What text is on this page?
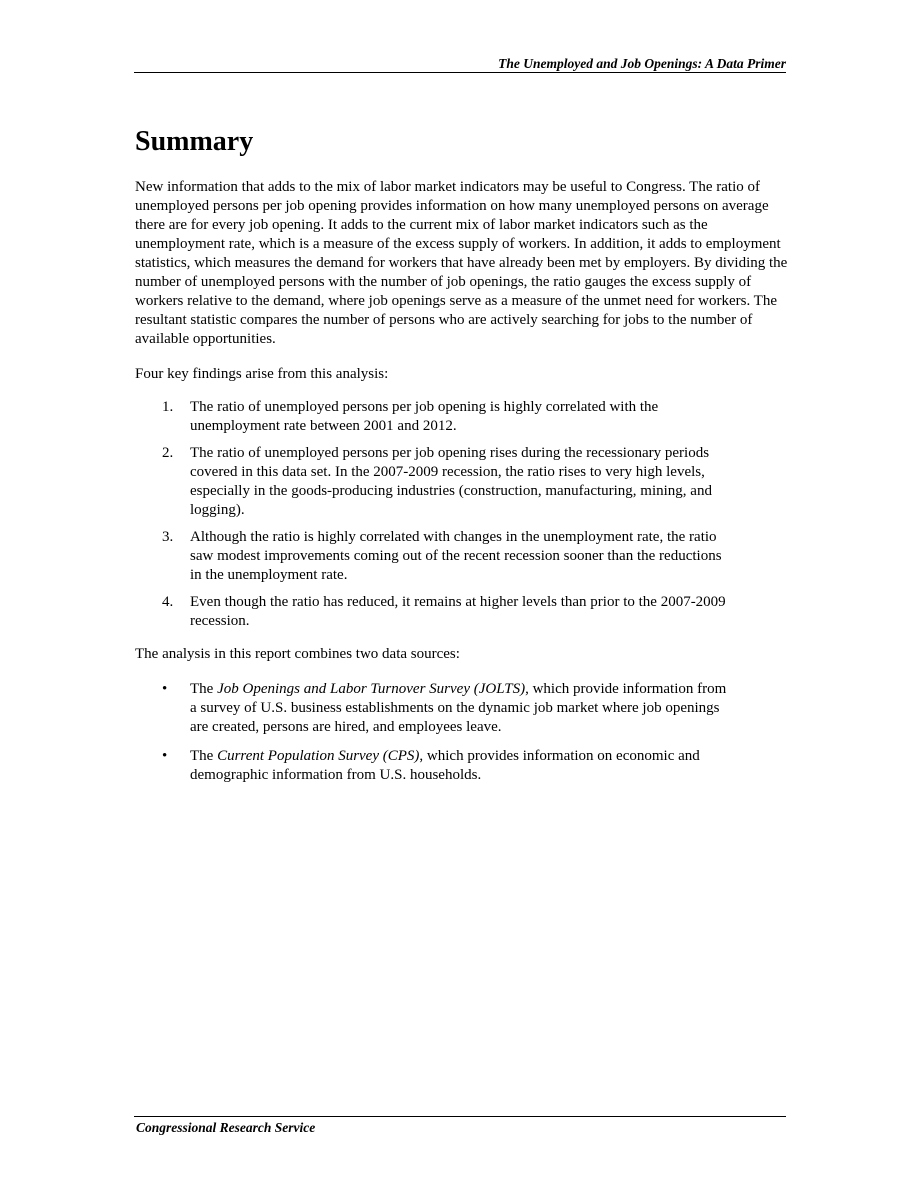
The Unemployed and Job Openings: A Data Primer
Summary

New information that adds to the mix of labor market indicators may be useful to Congress. The ratio of unemployed persons per job opening provides information on how many unemployed persons on average there are for every job opening. It adds to the current mix of labor market indicators such as the unemployment rate, which is a measure of the excess supply of workers. In addition, it adds to employment statistics, which measures the demand for workers that have already been met by employers. By dividing the number of unemployed persons with the number of job openings, the ratio gauges the excess supply of workers relative to the demand, where job openings serve as a measure of the unmet need for workers. The resultant statistic compares the number of persons who are actively searching for jobs to the number of available opportunities.

Four key findings arise from this analysis:

1. The ratio of unemployed persons per job opening is highly correlated with the unemployment rate between 2001 and 2012.
2. The ratio of unemployed persons per job opening rises during the recessionary periods covered in this data set. In the 2007-2009 recession, the ratio rises to very high levels, especially in the goods-producing industries (construction, manufacturing, mining, and logging).
3. Although the ratio is highly correlated with changes in the unemployment rate, the ratio saw modest improvements coming out of the recent recession sooner than the reductions in the unemployment rate.
4. Even though the ratio has reduced, it remains at higher levels than prior to the 2007-2009 recession.

The analysis in this report combines two data sources:

• The Job Openings and Labor Turnover Survey (JOLTS), which provide information from a survey of U.S. business establishments on the dynamic job market where job openings are created, persons are hired, and employees leave.
• The Current Population Survey (CPS), which provides information on economic and demographic information from U.S. households.
Congressional Research Service
